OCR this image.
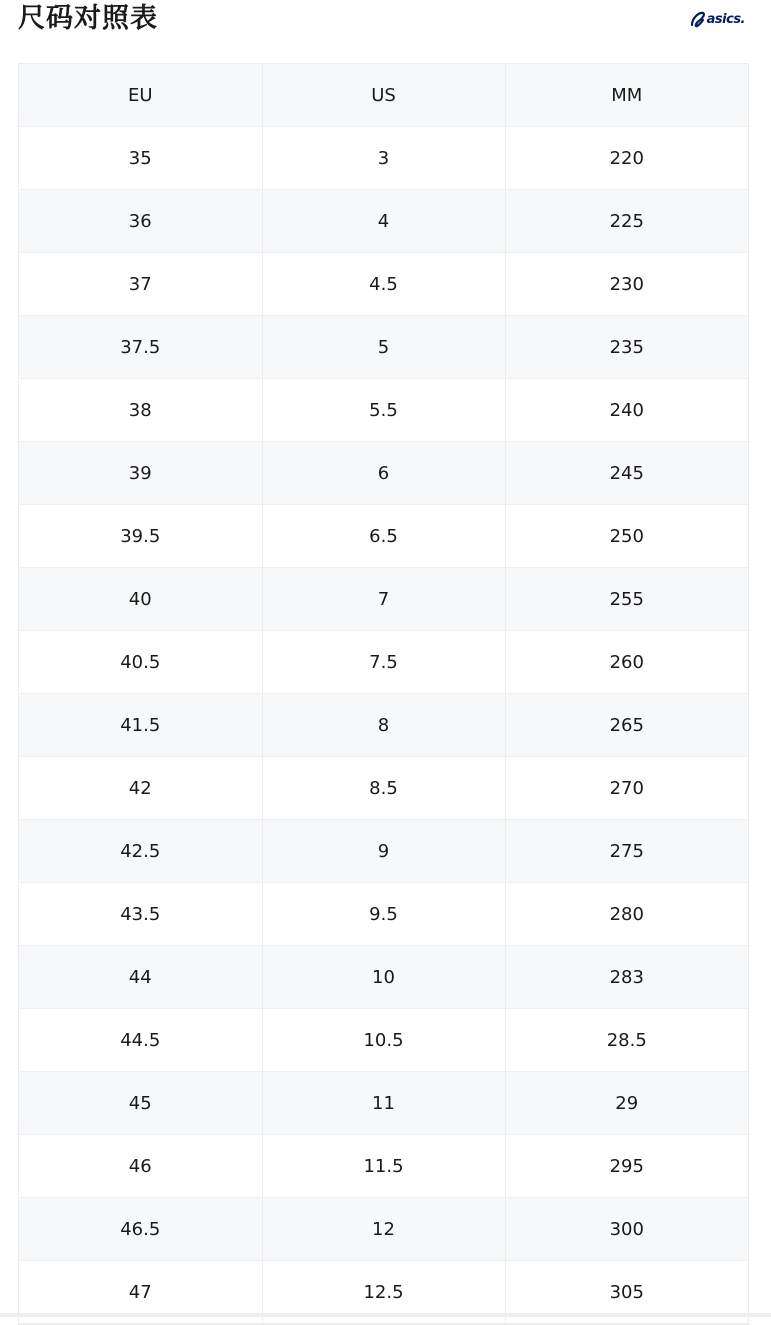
尺码对照表	asics.
EU	US	MM
35	3	220
36	4	225
37	4.5	230
37.5	5	235
38	5.5	240
39	6	245
39.5	6.5	250
40	7	255
40.5	7.5	260
41.5	8	265
42	8.5	270
42.5	9	275
43.5	9.5	280
44	10	283
44.5	10.5	28.5
45	11	29
46	11.5	295
46.5	12	300
47	12.5	305
